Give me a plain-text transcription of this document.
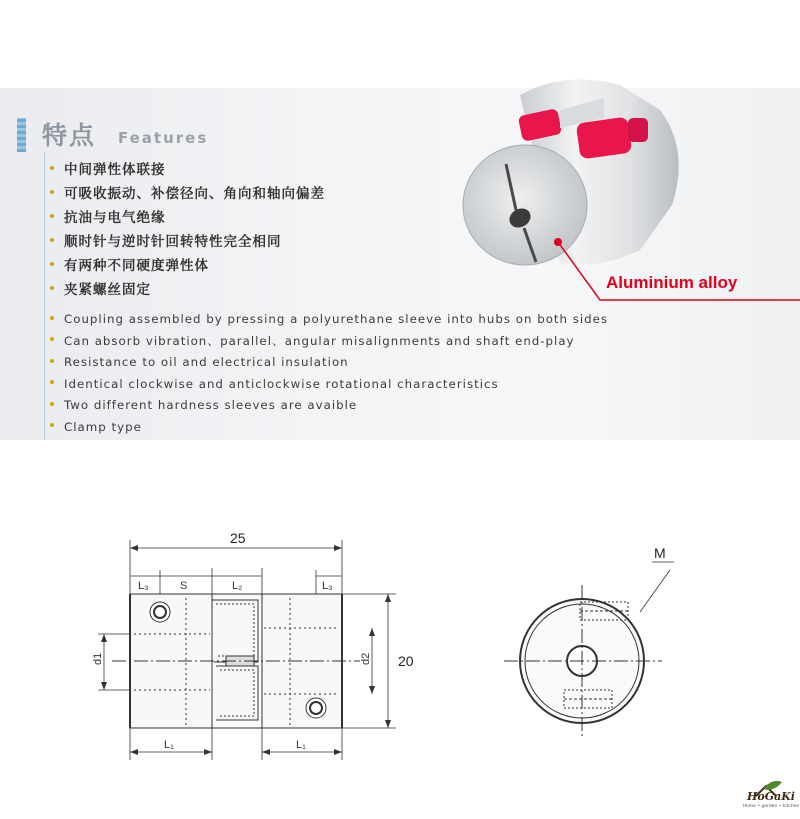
特点 Features
中间弹性体联接
可吸收振动、补偿径向、角向和轴向偏差
抗油与电气绝缘
顺时针与逆时针回转特性完全相同
有两种不同硬度弹性体
夹紧螺丝固定
Coupling assembled by pressing a polyurethane sleeve into hubs on both sides
Can absorb vibration、parallel、angular misalignments and shaft end-play
Resistance to oil and electrical insulation
Identical clockwise and anticlockwise rotational characteristics
Two different hardness sleeves are avaible
Clamp type
25
20
L₃	S	L₂	L₃
L₁	L₁
d1	d2
M
Aluminium alloy
HoGaKi
Home • garden • kitchen
